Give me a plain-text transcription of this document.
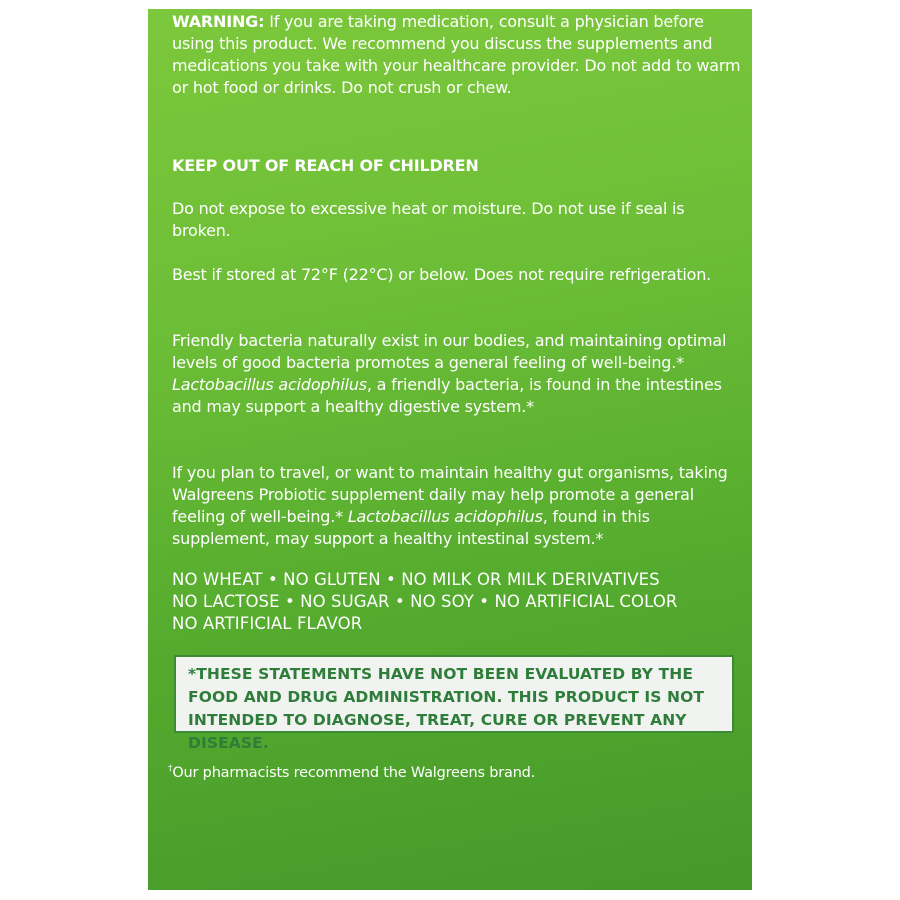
WARNING: If you are taking medication, consult a physician before using this product. We recommend you discuss the supplements and medications you take with your healthcare provider. Do not add to warm or hot food or drinks. Do not crush or chew.

KEEP OUT OF REACH OF CHILDREN

Do not expose to excessive heat or moisture. Do not use if seal is broken.

Best if stored at 72°F (22°C) or below. Does not require refrigeration.

Friendly bacteria naturally exist in our bodies, and maintaining optimal levels of good bacteria promotes a general feeling of well-being.* Lactobacillus acidophilus, a friendly bacteria, is found in the intestines and may support a healthy digestive system.*

If you plan to travel, or want to maintain healthy gut organisms, taking Walgreens Probiotic supplement daily may help promote a general feeling of well-being.* Lactobacillus acidophilus, found in this supplement, may support a healthy intestinal system.*

NO WHEAT • NO GLUTEN • NO MILK OR MILK DERIVATIVES
NO LACTOSE • NO SUGAR • NO SOY • NO ARTIFICIAL COLOR
NO ARTIFICIAL FLAVOR
*THESE STATEMENTS HAVE NOT BEEN EVALUATED BY THE FOOD AND DRUG ADMINISTRATION. THIS PRODUCT IS NOT INTENDED TO DIAGNOSE, TREAT, CURE OR PREVENT ANY DISEASE.

†Our pharmacists recommend the Walgreens brand.
